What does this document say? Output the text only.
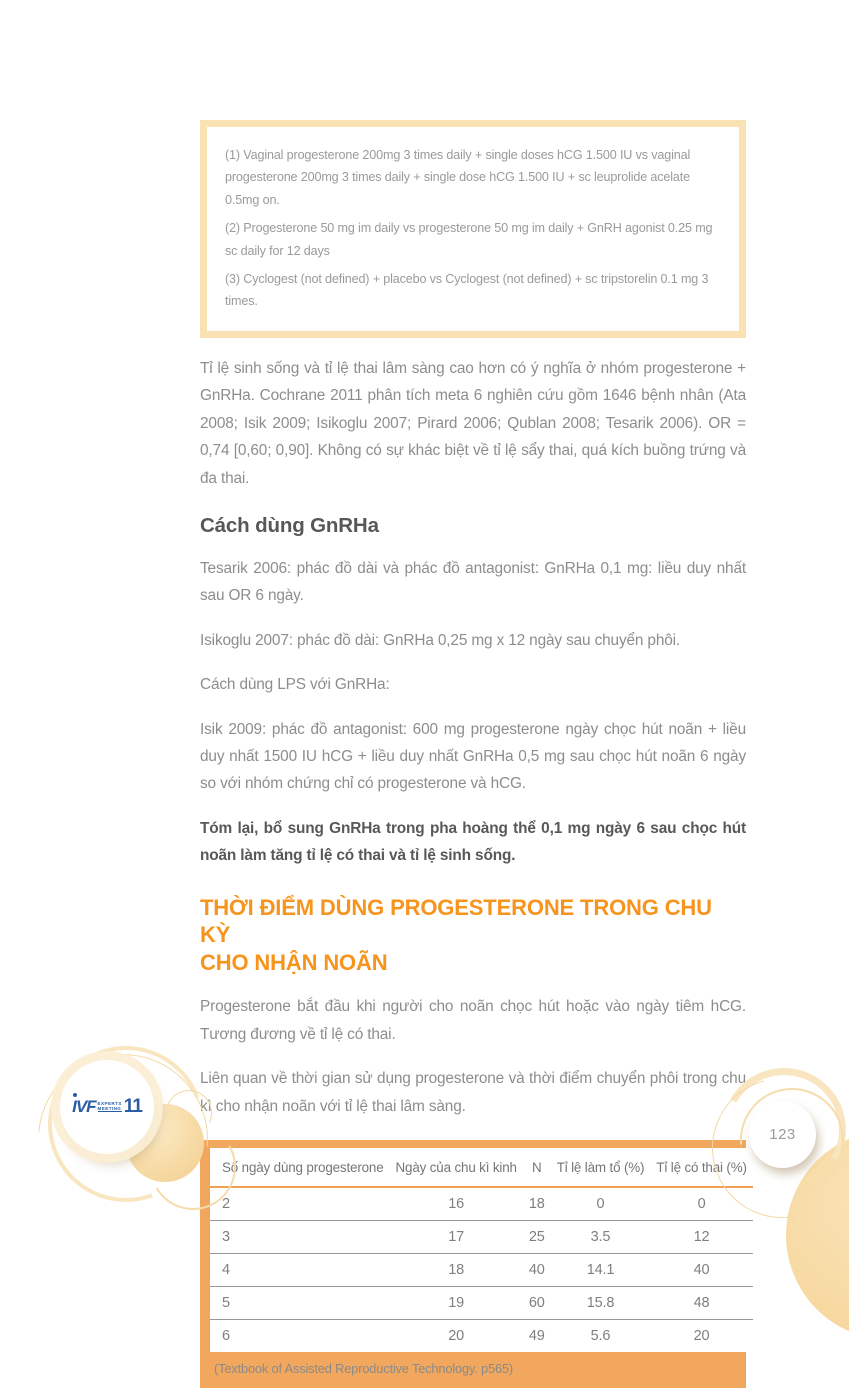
(1) Vaginal progesterone 200mg 3 times daily + single doses hCG 1.500 IU vs vaginal progesterone 200mg 3 times daily + single dose hCG 1.500 IU + sc leuprolide acelate 0.5mg on.

(2) Progesterone 50 mg im daily vs progesterone 50 mg im daily + GnRH agonist 0.25 mg sc daily for 12 days

(3) Cyclogest (not defined) + placebo vs Cyclogest (not defined) + sc tripstorelin 0.1 mg 3 times.

Tỉ lệ sinh sống và tỉ lệ thai lâm sàng cao hơn có ý nghĩa ở nhóm progesterone + GnRHa. Cochrane 2011 phân tích meta 6 nghiên cứu gồm 1646 bệnh nhân (Ata 2008; Isik 2009; Isikoglu 2007; Pirard 2006; Qublan 2008; Tesarik 2006). OR = 0,74 [0,60; 0,90]. Không có sự khác biệt về tỉ lệ sẩy thai, quá kích buồng trứng và đa thai.

Cách dùng GnRHa

Tesarik 2006: phác đồ dài và phác đồ antagonist: GnRHa 0,1 mg: liều duy nhất sau OR 6 ngày.

Isikoglu 2007: phác đồ dài: GnRHa 0,25 mg x 12 ngày sau chuyển phôi.

Cách dùng LPS với GnRHa:

Isik 2009: phác đồ antagonist: 600 mg progesterone ngày chọc hút noãn + liều duy nhất 1500 IU hCG + liều duy nhất GnRHa 0,5 mg sau chọc hút noãn 6 ngày so với nhóm chứng chỉ có progesterone và hCG.

Tóm lại, bổ sung GnRHa trong pha hoàng thể 0,1 mg ngày 6 sau chọc hút noãn làm tăng tỉ lệ có thai và tỉ lệ sinh sống.

THỜI ĐIỂM DÙNG PROGESTERONE TRONG CHU KỲ
CHO NHẬN NOÃN

Progesterone bắt đầu khi người cho noãn chọc hút hoặc vào ngày tiêm hCG. Tương đương về tỉ lệ có thai.

Liên quan về thời gian sử dụng progesterone và thời điểm chuyển phôi trong chu kì cho nhận noãn với tỉ lệ thai lâm sàng.

Số ngày dùng progesterone	Ngày của chu kì kinh	N	Tỉ lệ làm tổ (%)	Tỉ lệ có thai (%)
2	16	18	0	0
3	17	25	3.5	12
4	18	40	14.1	40
5	19	60	15.8	48
6	20	49	5.6	20
(Textbook of Assisted Reproductive Technology. p565)
IVF EXPERTS
MEETING 11
123
